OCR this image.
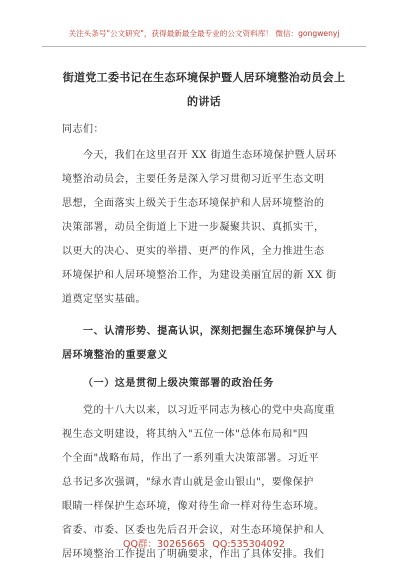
关注头条号"公文研究"，获得最新最全最专业的公文资料库！ 微信：gongwenyj
街道党工委书记在生态环境保护暨人居环境整治动员会上
的讲话
同志们：
今天，我们在这里召开 XX 街道生态环境保护暨人居环
境整治动员会，主要任务是深入学习贯彻习近平生态文明
思想，全面落实上级关于生态环境保护和人居环境整治的
决策部署，动员全街道上下进一步凝聚共识、真抓实干，
以更大的决心、更实的举措、更严的作风，全力推进生态
环境保护和人居环境整治工作，为建设美丽宜居的新 XX 街
道奠定坚实基础。
一、认清形势、提高认识，深刻把握生态环境保护与人
居环境整治的重要意义
（一）这是贯彻上级决策部署的政治任务
党的十八大以来，以习近平同志为核心的党中央高度重
视生态文明建设，将其纳入"五位一体"总体布局和"四
个全面"战略布局，作出了一系列重大决策部署。习近平
总书记多次强调，"绿水青山就是金山银山"，要像保护
眼睛一样保护生态环境，像对待生命一样对待生态环境。
省委、市委、区委也先后召开会议，对生态环境保护和人
居环境整治工作提出了明确要求，作出了具体安排。我们
QQ群：30265665 QQ:535304092
